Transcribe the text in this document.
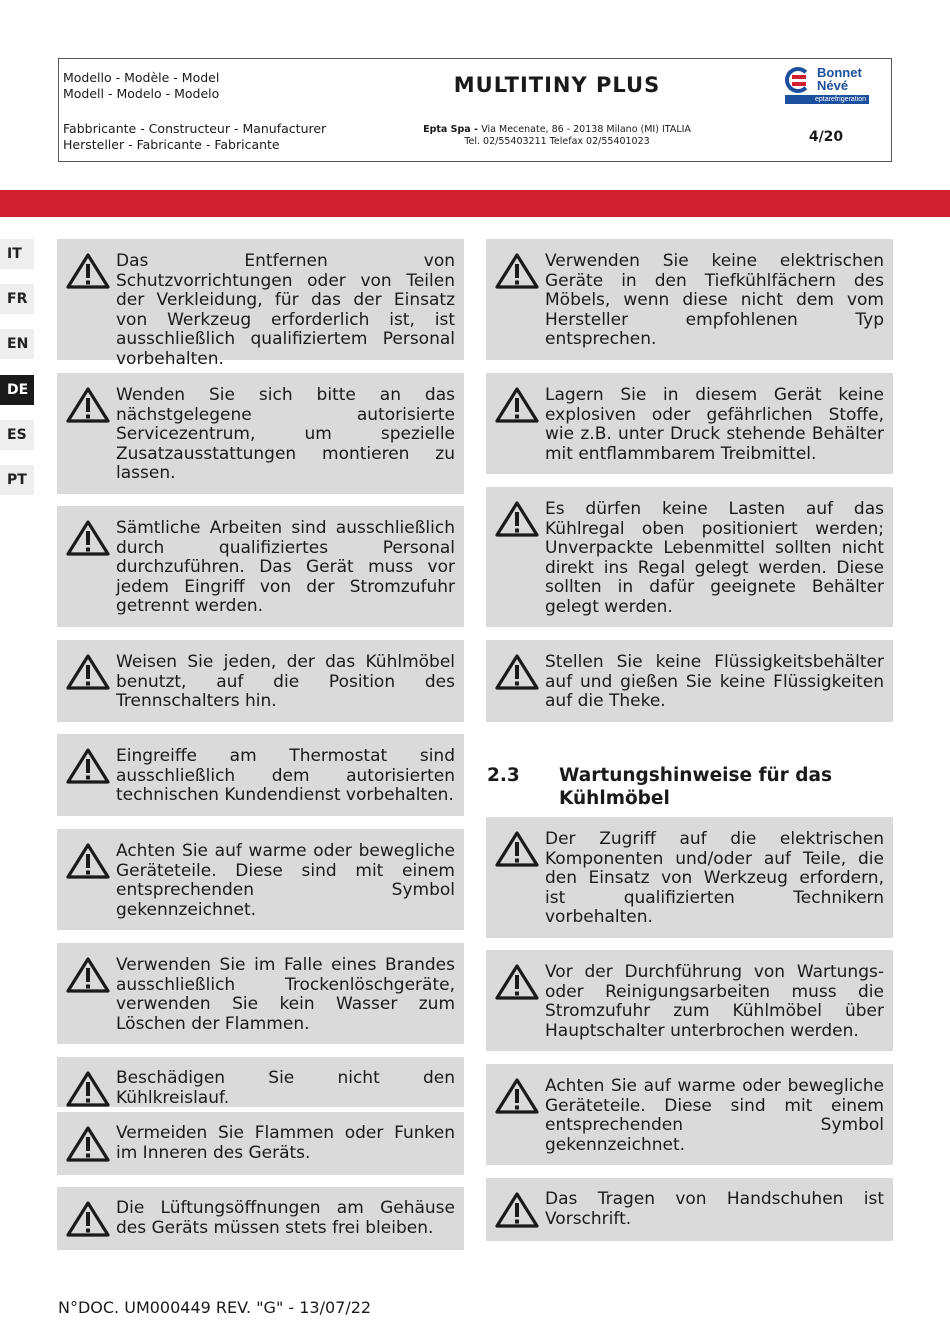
Modello - Modèle - Model
Modell - Modelo - Modelo	MULTITINY PLUS
Bonnet
Névé
eptarefrigeration
Fabbricante - Constructeur - Manufacturer
Hersteller - Fabricante - Fabricante
Epta Spa - Via Mecenate, 86 - 20138 Milano (MI) ITALIA
Tel. 02/55403211 Telefax 02/55401023	4/20
IT
FR
EN
DE
ES
PT
Das Entfernen von Schutzvorrichtungen oder von Teilen der Verkleidung, für das der Einsatz von Werkzeug erforderlich ist, ist ausschließlich qualifiziertem Personal vorbehalten.
Wenden Sie sich bitte an das nächstgelegene autorisierte Servicezentrum, um spezielle Zusatzausstattungen montieren zu lassen.
Sämtliche Arbeiten sind ausschließlich durch qualifiziertes Personal durchzuführen. Das Gerät muss vor jedem Eingriff von der Stromzufuhr getrennt werden.
Weisen Sie jeden, der das Kühlmöbel benutzt, auf die Position des Trennschalters hin.
Eingreiffe am Thermostat sind ausschließlich dem autorisierten technischen Kundendienst vorbehalten.
Achten Sie auf warme oder bewegliche Geräteteile. Diese sind mit einem entsprechenden Symbol gekennzeichnet.
Verwenden Sie im Falle eines Brandes ausschließlich Trockenlöschgeräte, verwenden Sie kein Wasser zum Löschen der Flammen.
Beschädigen Sie nicht den Kühlkreislauf.
Vermeiden Sie Flammen oder Funken im Inneren des Geräts.
Die Lüftungsöffnungen am Gehäuse des Geräts müssen stets frei bleiben.
Verwenden Sie keine elektrischen Geräte in den Tiefkühlfächern des Möbels, wenn diese nicht dem vom Hersteller empfohlenen Typ entsprechen.
Lagern Sie in diesem Gerät keine explosiven oder gefährlichen Stoffe, wie z.B. unter Druck stehende Behälter mit entflammbarem Treibmittel.
Es dürfen keine Lasten auf das Kühlregal oben positioniert werden; Unverpackte Lebenmittel sollten nicht direkt ins Regal gelegt werden. Diese sollten in dafür geeignete Behälter gelegt werden.
Stellen Sie keine Flüssigkeitsbehälter auf und gießen Sie keine Flüssigkeiten auf die Theke.
Der Zugriff auf die elektrischen Komponenten und/oder auf Teile, die den Einsatz von Werkzeug erfordern, ist qualifizierten Technikern vorbehalten.
Vor der Durchführung von Wartungs- oder Reinigungsarbeiten muss die Stromzufuhr zum Kühlmöbel über Hauptschalter unterbrochen werden.
Achten Sie auf warme oder bewegliche Geräteteile. Diese sind mit einem entsprechenden Symbol gekennzeichnet.
Das Tragen von Handschuhen ist Vorschrift.
2.3 Wartungshinweise für das Kühlmöbel
N°DOC. UM000449 REV. "G" - 13/07/22
